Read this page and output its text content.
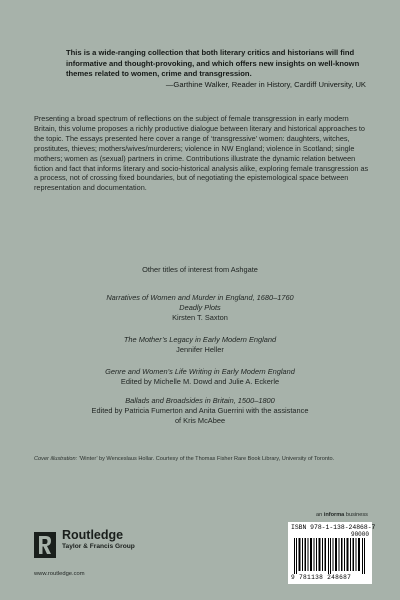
This is a wide-ranging collection that both literary critics and historians will find informative and thought-provoking, and which offers new insights on well-known themes related to women, crime and transgression.

—Garthine Walker, Reader in History, Cardiff University, UK

Presenting a broad spectrum of reflections on the subject of female transgression in early modern Britain, this volume proposes a richly productive dialogue between literary and historical approaches to the topic. The essays presented here cover a range of ‘transgressive’ women: daughters, witches, prostitutes, thieves; mothers/wives/murderers; violence in NW England; violence in Scotland; single mothers; women as (sexual) partners in crime. Contributions illustrate the dynamic relation between fiction and fact that informs literary and socio-historical analysis alike, exploring female transgression as a process, not of crossing fixed boundaries, but of negotiating the epistemological space between representation and documentation.

Other titles of interest from Ashgate
Narratives of Women and Murder in England, 1680–1760
Deadly Plots
Kirsten T. Saxton
The Mother’s Legacy in Early Modern England
Jennifer Heller
Genre and Women’s Life Writing in Early Modern England
Edited by Michelle M. Dowd and Julie A. Eckerle
Ballads and Broadsides in Britain, 1500–1800
Edited by Patricia Fumerton and Anita Guerrini with the assistance
of Kris McAbee
Cover illustration: ‘Winter’ by Wenceslaus Hollar. Courtesy of the Thomas Fisher Rare Book Library, University of Toronto.
an informa business
ISBN 978-1-138-24868-7
90000
9 781138 248687
Routledge
Taylor & Francis Group
www.routledge.com
